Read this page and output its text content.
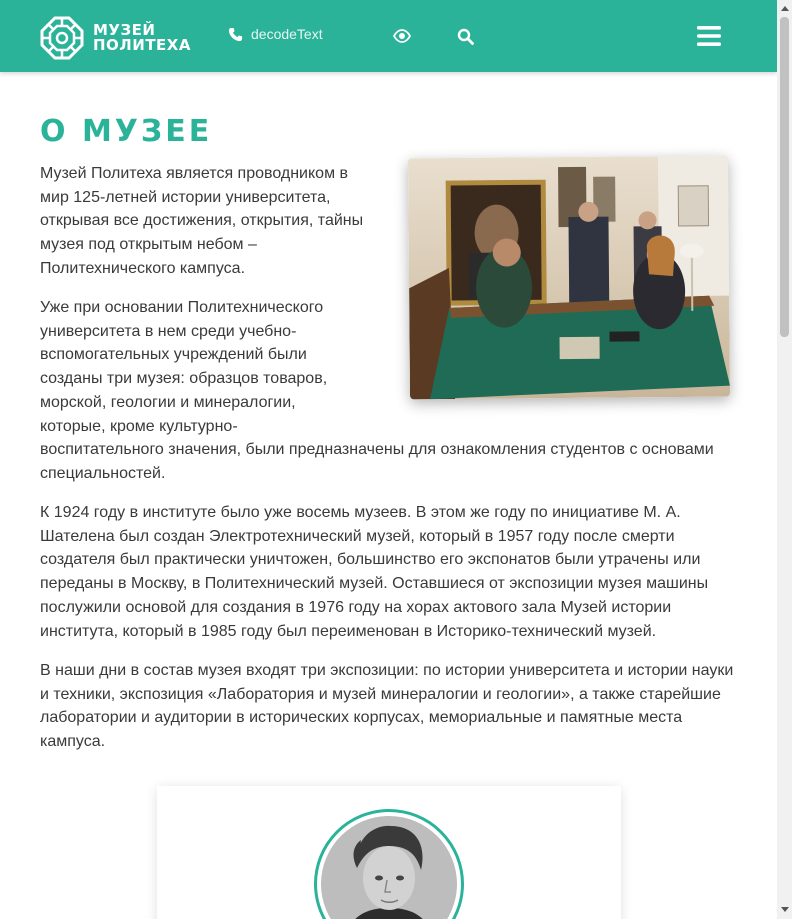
МУЗЕЙ
ПОЛИТЕХА
decodeText
О МУЗЕЕ

Музей Политеха является проводником в мир 125-летней истории университета, открывая все достижения, открытия, тайны музея под открытым небом – Политехнического кампуса.

Уже при основании Политехнического университета в нем среди учебно-вспомогательных учреждений были созданы три музея: образцов товаров, морской, геологии и минералогии, которые, кроме культурно-воспитательного значения, были предназначены для ознакомления студентов с основами специальностей.

К 1924 году в институте было уже восемь музеев. В этом же году по инициативе М. А. Шателена был создан Электротехнический музей, который в 1957 году после смерти создателя был практически уничтожен, большинство его экспонатов были утрачены или переданы в Москву, в Политехнический музей. Оставшиеся от экспозиции музея машины послужили основой для создания в 1976 году на хорах актового зала Музей истории института, который в 1985 году был переименован в Историко-технический музей.

В наши дни в состав музея входят три экспозиции: по истории университета и истории науки и техники, экспозиция «Лаборатория и музей минералогии и геологии», а также старейшие лаборатории и аудитории в исторических корпусах, мемориальные и памятные места кампуса.
